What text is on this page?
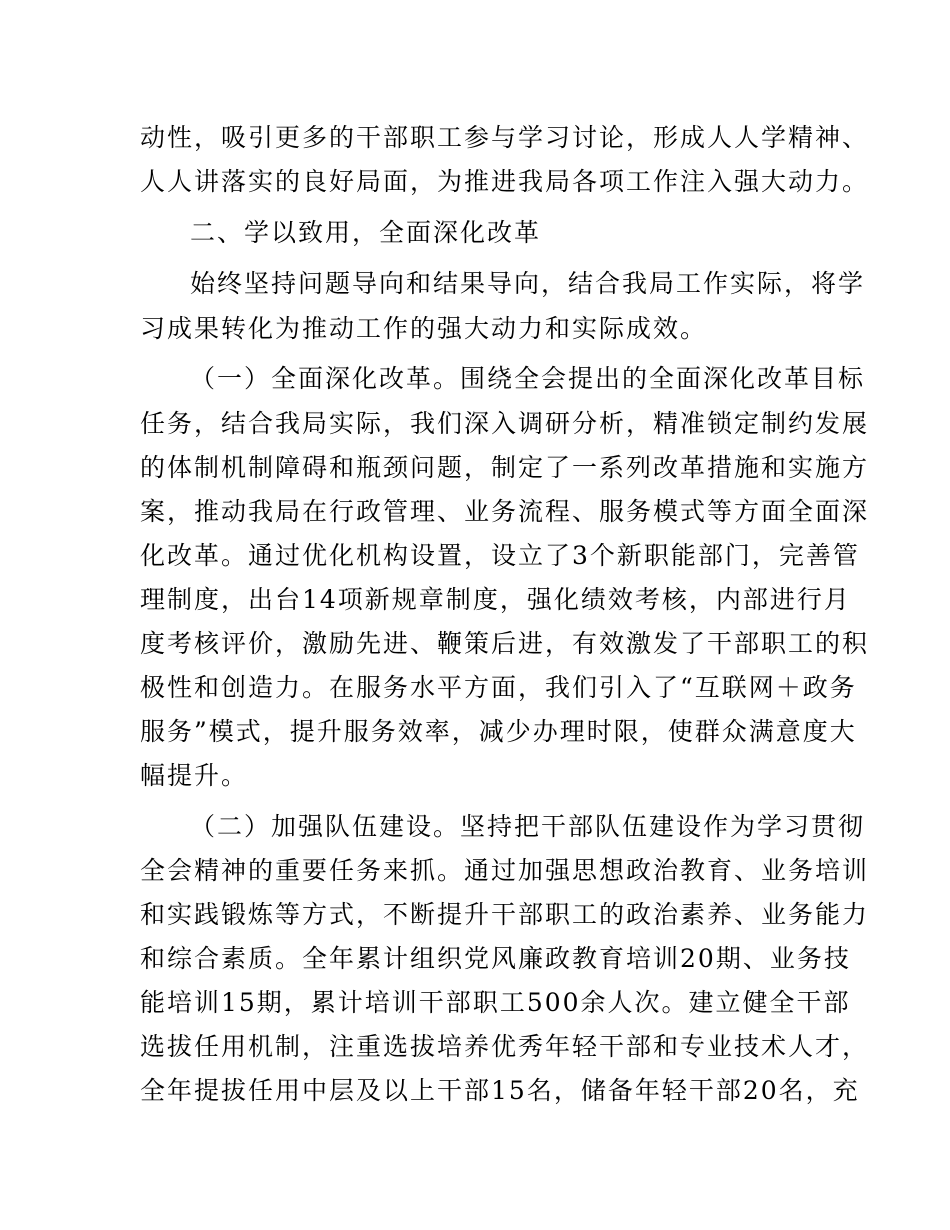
动性，吸引更多的干部职工参与学习讨论，形成人人学精神、
人人讲落实的良好局面，为推进我局各项工作注入强大动力。
二、学以致用，全面深化改革
始终坚持问题导向和结果导向，结合我局工作实际，将学
习成果转化为推动工作的强大动力和实际成效。
（一）全面深化改革。围绕全会提出的全面深化改革目标
任务，结合我局实际，我们深入调研分析，精准锁定制约发展
的体制机制障碍和瓶颈问题，制定了一系列改革措施和实施方
案，推动我局在行政管理、业务流程、服务模式等方面全面深
化改革。通过优化机构设置，设立了3个新职能部门，完善管
理制度，出台14项新规章制度，强化绩效考核，内部进行月
度考核评价，激励先进、鞭策后进，有效激发了干部职工的积
极性和创造力。在服务水平方面，我们引入了“互联网＋政务
服务”模式，提升服务效率，减少办理时限，使群众满意度大
幅提升。
（二）加强队伍建设。坚持把干部队伍建设作为学习贯彻
全会精神的重要任务来抓。通过加强思想政治教育、业务培训
和实践锻炼等方式，不断提升干部职工的政治素养、业务能力
和综合素质。全年累计组织党风廉政教育培训20期、业务技
能培训15期，累计培训干部职工500余人次。建立健全干部
选拔任用机制，注重选拔培养优秀年轻干部和专业技术人才，
全年提拔任用中层及以上干部15名，储备年轻干部20名，充
